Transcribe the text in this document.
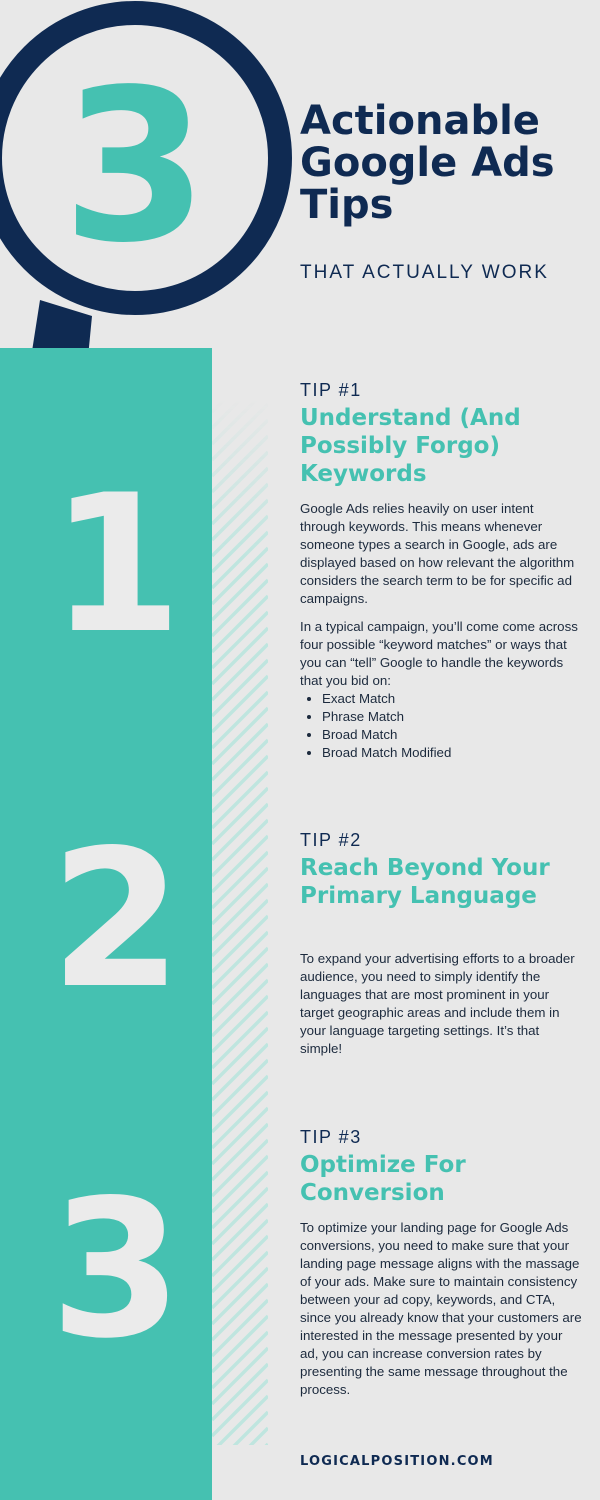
3 Actionable Google Ads Tips
THAT ACTUALLY WORK
1
2
3
TIP #1
Understand (And Possibly Forgo) Keywords

Google Ads relies heavily on user intent through keywords. This means whenever someone types a search in Google, ads are displayed based on how relevant the algorithm considers the search term to be for specific ad campaigns.

In a typical campaign, you’ll come come across four possible “keyword matches” or ways that you can “tell” Google to handle the keywords that you bid on:

• Exact Match
• Phrase Match
• Broad Match
• Broad Match Modified
TIP #2
Reach Beyond Your Primary Language

To expand your advertising efforts to a broader audience, you need to simply identify the languages that are most prominent in your target geographic areas and include them in your language targeting settings. It’s that simple!

TIP #3
Optimize For Conversion

To optimize your landing page for Google Ads conversions, you need to make sure that your landing page message aligns with the massage of your ads. Make sure to maintain consistency between your ad copy, keywords, and CTA, since you already know that your customers are interested in the message presented by your ad, you can increase conversion rates by presenting the same message throughout the process.

LOGICALPOSITION.COM
